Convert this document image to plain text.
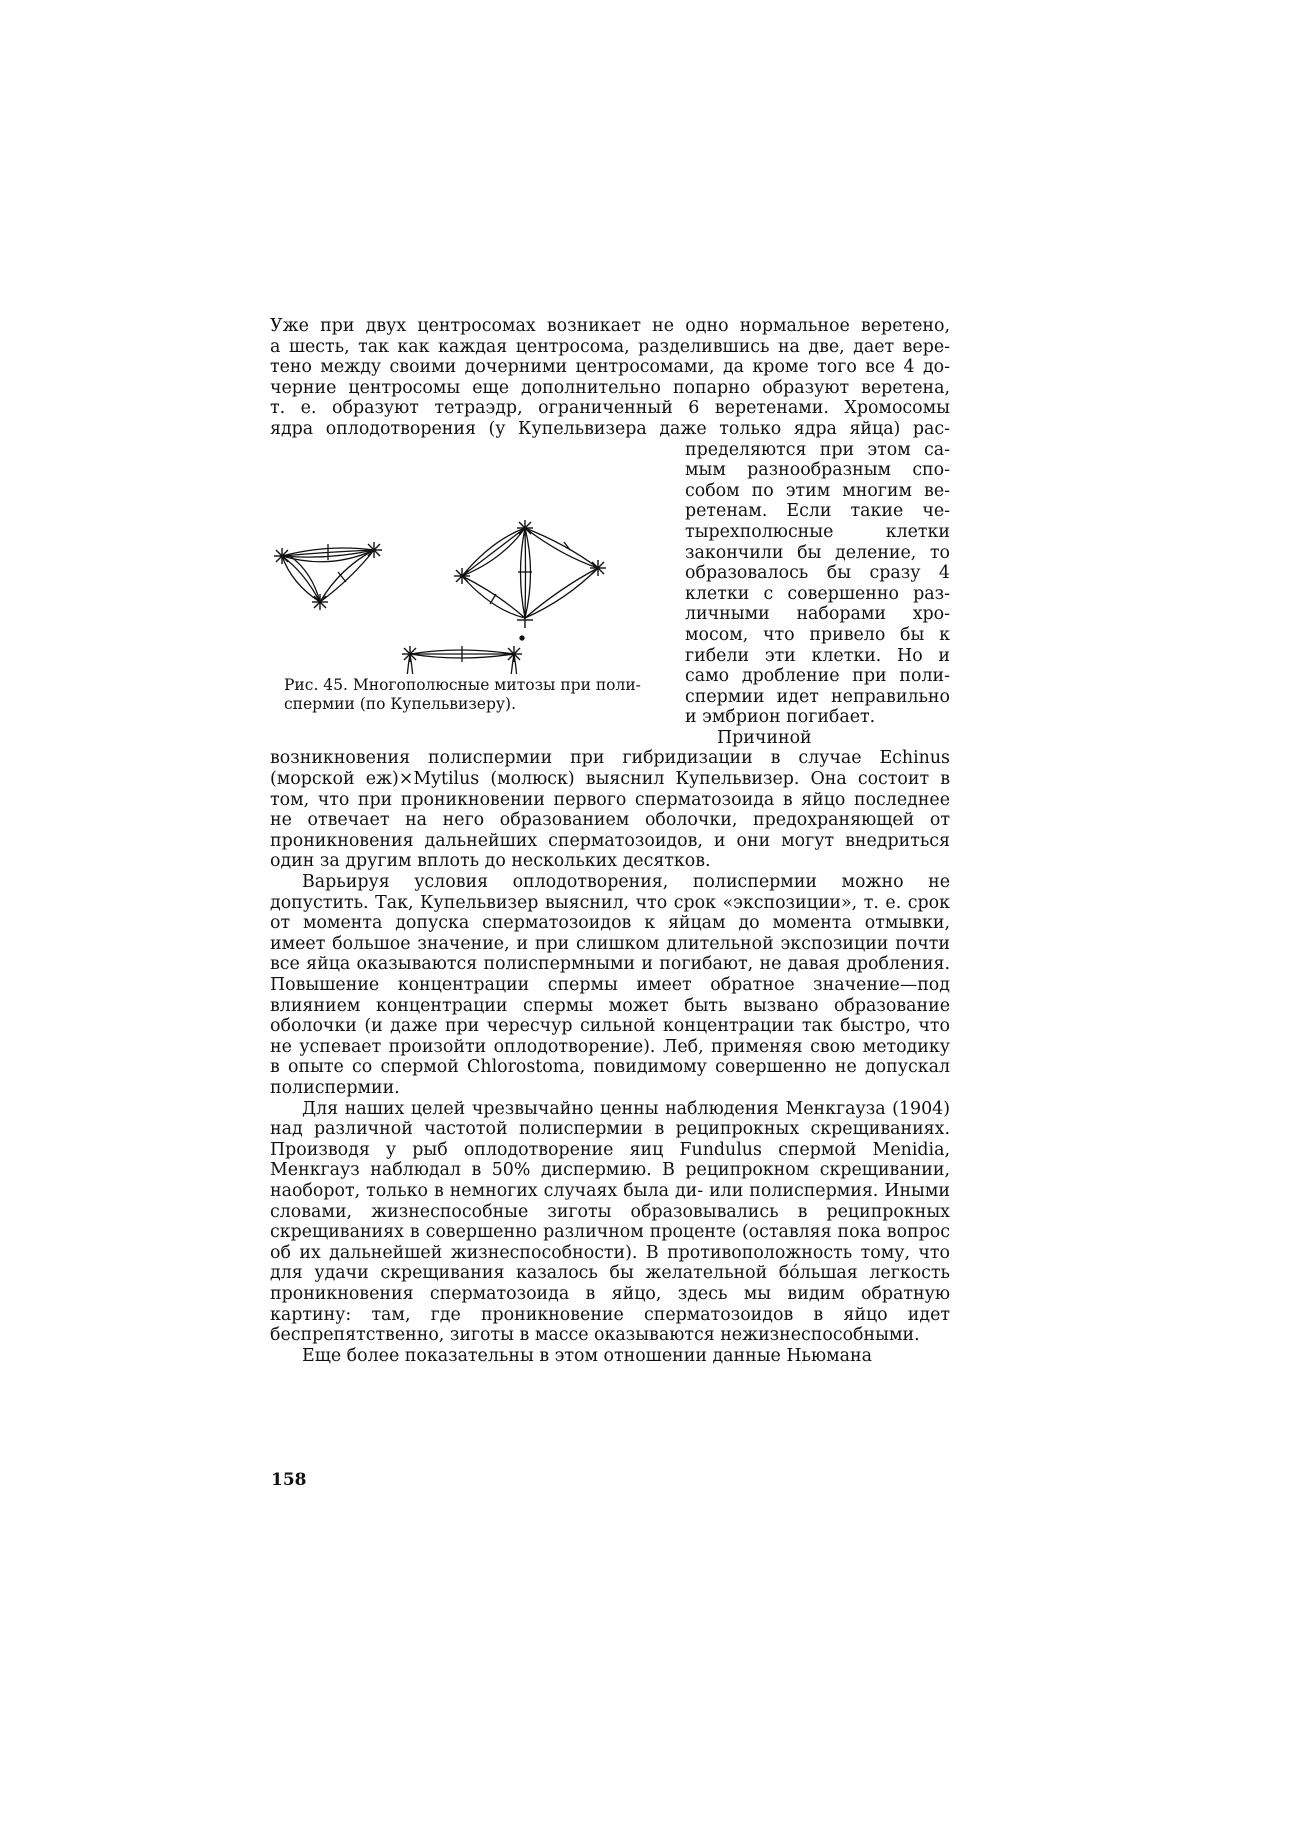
Уже при двух центросомах возникает не одно нормальное веретено,
а шесть, так как каждая центросома, разделившись на две, дает вере-
тено между своими дочерними центросомами, да кроме того все 4 до-
черние центросомы еще дополнительно попарно образуют веретена,
т. е. образуют тетраэдр, ограниченный 6 веретенами. Хромосомы
ядра оплодотворения (у Купельвизера даже только ядра яйца) рас-

Рис. 45. Многополюсные митозы при поли-спермии (по Купельвизеру).

пределяются при этом са-
мым разнообразным спо-
собом по этим многим ве-
ретенам. Если такие че-
тырехполюсные клетки
закончили бы деление, то
образовалось бы сразу 4
клетки с совершенно раз-
личными наборами хро-
мосом, что привело бы к
гибели эти клетки. Но и
само дробление при поли-
спермии идет неправильно
и эмбрион погибает.

Причиной возникновения полиспермии при гибридизации в случае Echinus (морской еж)×Mytilus (молюск) выяснил Купельвизер. Она состоит в том, что при проникновении первого сперматозоида в яйцо последнее не отвечает на него образованием оболочки, предохраняющей от проникновения дальнейших сперматозоидов, и они могут внедриться один за другим вплоть до нескольких десятков.

Варьируя условия оплодотворения, полиспермии можно не допустить. Так, Купельвизер выяснил, что срок «экспозиции», т. е. срок от момента допуска сперматозоидов к яйцам до момента отмывки, имеет большое значение, и при слишком длительной экспозиции почти все яйца оказываются полиспермными и погибают, не давая дробления. Повышение концентрации спермы имеет обратное значение—под влиянием концентрации спермы может быть вызвано образование оболочки (и даже при чересчур сильной концентрации так быстро, что не успевает произойти оплодотворение). Леб, применяя свою методику в опыте со спермой Chlorostoma, повидимому совершенно не допускал полиспермии.

Для наших целей чрезвычайно ценны наблюдения Менкгауза (1904) над различной частотой полиспермии в реципрокных скрещиваниях. Производя у рыб оплодотворение яиц Fundulus спермой Menidia, Менкгауз наблюдал в 50% диспермию. В реципрокном скрещивании, наоборот, только в немногих случаях была ди- или полиспермия. Иными словами, жизнеспособные зиготы образовывались в реципрокных скрещиваниях в совершенно различном проценте (оставляя пока вопрос об их дальнейшей жизнеспособности). В противоположность тому, что для удачи скрещивания казалось бы желательной бо́льшая легкость проникновения сперматозоида в яйцо, здесь мы видим обратную картину: там, где проникновение сперматозоидов в яйцо идет беспрепятственно, зиготы в массе оказываются нежизнеспособными.

Еще более показательны в этом отношении данные Ньюмана

158
